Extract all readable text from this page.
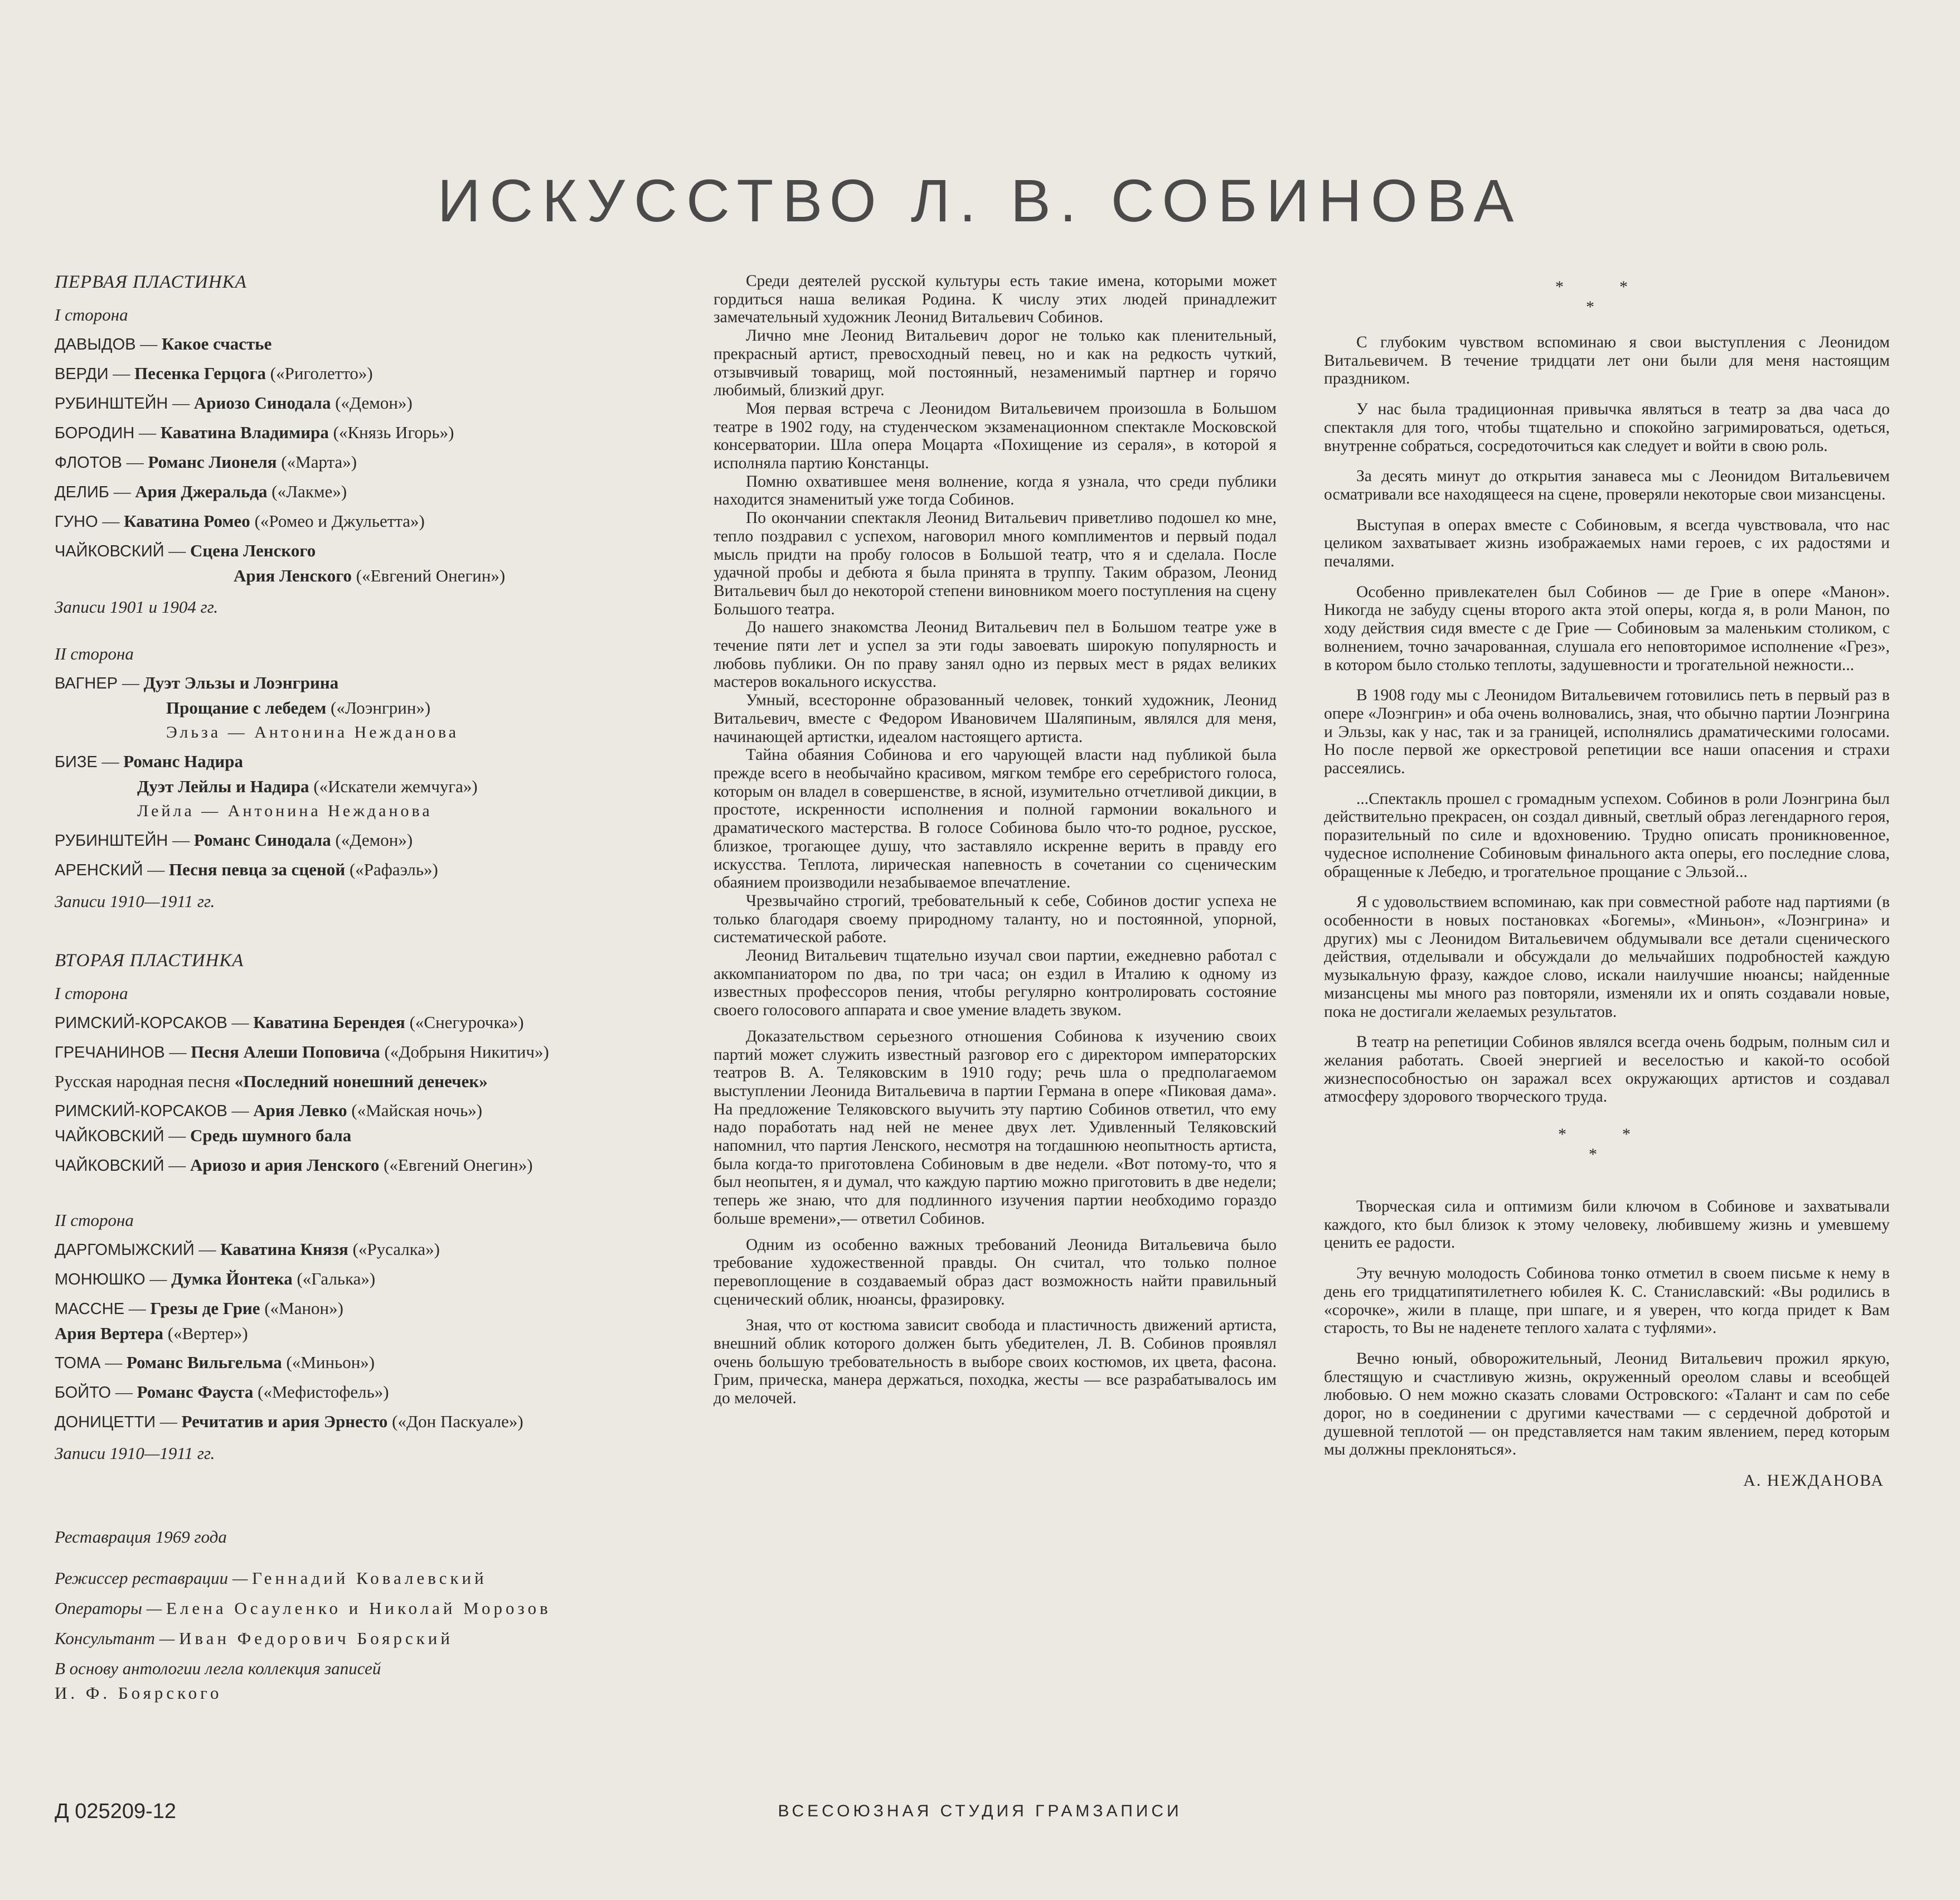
ИСКУССТВО Л. В. СОБИНОВА
ПЕРВАЯ ПЛАСТИНКА
I сторона
ДАВЫДОВ — Какое счастье
ВЕРДИ — Песенка Герцога («Риголетто»)
РУБИНШТЕЙН — Ариозо Синодала («Демон»)
БОРОДИН — Каватина Владимира («Князь Игорь»)
ФЛОТОВ — Романс Лионеля («Марта»)
ДЕЛИБ — Ария Джеральда («Лакме»)
ГУНО — Каватина Ромео («Ромео и Джульетта»)
ЧАЙКОВСКИЙ — Сцена Ленского
Ария Ленского («Евгений Онегин»)
Записи 1901 и 1904 гг.
II сторона
ВАГНЕР — Дуэт Эльзы и Лоэнгрина
Прощание с лебедем («Лоэнгрин»)
Эльза — Антонина Нежданова
БИЗЕ — Романс Надира
Дуэт Лейлы и Надира («Искатели жемчуга»)
Лейла — Антонина Нежданова
РУБИНШТЕЙН — Романс Синодала («Демон»)
АРЕНСКИЙ — Песня певца за сценой («Рафаэль»)
Записи 1910—1911 гг.
ВТОРАЯ ПЛАСТИНКА
I сторона
РИМСКИЙ-КОРСАКОВ — Каватина Берендея («Снегурочка»)
ГРЕЧАНИНОВ — Песня Алеши Поповича («Добрыня Никитич»)
Русская народная песня «Последний нонешний денечек»
РИМСКИЙ-КОРСАКОВ — Ария Левко («Майская ночь»)
ЧАЙКОВСКИЙ — Средь шумного бала
ЧАЙКОВСКИЙ — Ариозо и ария Ленского («Евгений Онегин»)
II сторона
ДАРГОМЫЖСКИЙ — Каватина Князя («Русалка»)
МОНЮШКО — Думка Йонтека («Галька»)
МАССНЕ — Грезы де Грие («Манон»)
Ария Вертера («Вертер»)
ТОМА — Романс Вильгельма («Миньон»)
БОЙТО — Романс Фауста («Мефистофель»)
ДОНИЦЕТТИ — Речитатив и ария Эрнесто («Дон Паскуале»)
Записи 1910—1911 гг.
Реставрация 1969 года
Режиссер реставрации — Геннадий Ковалевский
Операторы — Елена Осауленко и Николай Морозов
Консультант — Иван Федорович Боярский
В основу антологии легла коллекция записей
И. Ф. Боярского

Среди деятелей русской культуры есть такие имена, которыми может гордиться наша великая Родина. К числу этих людей принадлежит замечательный художник Леонид Витальевич Собинов.

Лично мне Леонид Витальевич дорог не только как пленительный, прекрасный артист, превосходный певец, но и как на редкость чуткий, отзывчивый товарищ, мой постоянный, незаменимый партнер и горячо любимый, близкий друг.

Моя первая встреча с Леонидом Витальевичем произошла в Большом театре в 1902 году, на студенческом экзаменационном спектакле Московской консерватории. Шла опера Моцарта «Похищение из сераля», в которой я исполняла партию Констанцы.

Помню охватившее меня волнение, когда я узнала, что среди публики находится знаменитый уже тогда Собинов.

По окончании спектакля Леонид Витальевич приветливо подошел ко мне, тепло поздравил с успехом, наговорил много комплиментов и первый подал мысль придти на пробу голосов в Большой театр, что я и сделала. После удачной пробы и дебюта я была принята в труппу. Таким образом, Леонид Витальевич был до некоторой степени виновником моего поступления на сцену Большого театра.

До нашего знакомства Леонид Витальевич пел в Большом театре уже в течение пяти лет и успел за эти годы завоевать широкую популярность и любовь публики. Он по праву занял одно из первых мест в рядах великих мастеров вокального искусства.

Умный, всесторонне образованный человек, тонкий художник, Леонид Витальевич, вместе с Федором Ивановичем Шаляпиным, являлся для меня, начинающей артистки, идеалом настоящего артиста.

Тайна обаяния Собинова и его чарующей власти над публикой была прежде всего в необычайно красивом, мягком тембре его серебристого голоса, которым он владел в совершенстве, в ясной, изумительно отчетливой дикции, в простоте, искренности исполнения и полной гармонии вокального и драматического мастерства. В голосе Собинова было что-то родное, русское, близкое, трогающее душу, что заставляло искренне верить в правду его искусства. Теплота, лирическая напевность в сочетании со сценическим обаянием производили незабываемое впечатление.

Чрезвычайно строгий, требовательный к себе, Собинов достиг успеха не только благодаря своему природному таланту, но и постоянной, упорной, систематической работе.

Леонид Витальевич тщательно изучал свои партии, ежедневно работал с аккомпаниатором по два, по три часа; он ездил в Италию к одному из известных профессоров пения, чтобы регулярно контролировать состояние своего голосового аппарата и свое умение владеть звуком.

Доказательством серьезного отношения Собинова к изучению своих партий может служить известный разговор его с директором императорских театров В. А. Теляковским в 1910 году; речь шла о предполагаемом выступлении Леонида Витальевича в партии Германа в опере «Пиковая дама». На предложение Теляковского выучить эту партию Собинов ответил, что ему надо поработать над ней не менее двух лет. Удивленный Теляковский напомнил, что партия Ленского, несмотря на тогдашнюю неопытность артиста, была когда-то приготовлена Собиновым в две недели. «Вот потому-то, что я был неопытен, я и думал, что каждую партию можно приготовить в две недели; теперь же знаю, что для подлинного изучения партии необходимо гораздо больше времени»,— ответил Собинов.

Одним из особенно важных требований Леонида Витальевича было требование художественной правды. Он считал, что только полное перевоплощение в создаваемый образ даст возможность найти правильный сценический облик, нюансы, фразировку.

Зная, что от костюма зависит свобода и пластичность движений артиста, внешний облик которого должен быть убедителен, Л. В. Собинов проявлял очень большую требовательность в выборе своих костюмов, их цвета, фасона. Грим, прическа, манера держаться, походка, жесты — все разрабатывалось им до мелочей.

*	*
*

С глубоким чувством вспоминаю я свои выступления с Леонидом Витальевичем. В течение тридцати лет они были для меня настоящим праздником.

У нас была традиционная привычка являться в театр за два часа до спектакля для того, чтобы тщательно и спокойно загримироваться, одеться, внутренне собраться, сосредоточиться как следует и войти в свою роль.

За десять минут до открытия занавеса мы с Леонидом Витальевичем осматривали все находящееся на сцене, проверяли некоторые свои мизансцены.

Выступая в операх вместе с Собиновым, я всегда чувствовала, что нас целиком захватывает жизнь изображаемых нами героев, с их радостями и печалями.

Особенно привлекателен был Собинов — де Грие в опере «Манон». Никогда не забуду сцены второго акта этой оперы, когда я, в роли Манон, по ходу действия сидя вместе с де Грие — Собиновым за маленьким столиком, с волнением, точно зачарованная, слушала его неповторимое исполнение «Грез», в котором было столько теплоты, задушевности и трогательной нежности...

В 1908 году мы с Леонидом Витальевичем готовились петь в первый раз в опере «Лоэнгрин» и оба очень волновались, зная, что обычно партии Лоэнгрина и Эльзы, как у нас, так и за границей, исполнялись драматическими голосами. Но после первой же оркестровой репетиции все наши опасения и страхи рассеялись.

...Спектакль прошел с громадным успехом. Собинов в роли Лоэнгрина был действительно прекрасен, он создал дивный, светлый образ легендарного героя, поразительный по силе и вдохновению. Трудно описать проникновенное, чудесное исполнение Собиновым финального акта оперы, его последние слова, обращенные к Лебедю, и трогательное прощание с Эльзой...

Я с удовольствием вспоминаю, как при совместной работе над партиями (в особенности в новых постановках «Богемы», «Миньон», «Лоэнгрина» и других) мы с Леонидом Витальевичем обдумывали все детали сценического действия, отделывали и обсуждали до мельчайших подробностей каждую музыкальную фразу, каждое слово, искали наилучшие нюансы; найденные мизансцены мы много раз повторяли, изменяли их и опять создавали новые, пока не достигали желаемых результатов.

В театр на репетиции Собинов являлся всегда очень бодрым, полным сил и желания работать. Своей энергией и веселостью и какой-то особой жизнеспособностью он заражал всех окружающих артистов и создавал атмосферу здорового творческого труда.

*	*
*

Творческая сила и оптимизм били ключом в Собинове и захватывали каждого, кто был близок к этому человеку, любившему жизнь и умевшему ценить ее радости.

Эту вечную молодость Собинова тонко отметил в своем письме к нему в день его тридцатипятилетнего юбилея К. С. Станиславский: «Вы родились в «сорочке», жили в плаще, при шпаге, и я уверен, что когда придет к Вам старость, то Вы не наденете теплого халата с туфлями».

Вечно юный, обворожительный, Леонид Витальевич прожил яркую, блестящую и счастливую жизнь, окруженный ореолом славы и всеобщей любовью. О нем можно сказать словами Островского: «Талант и сам по себе дорог, но в соединении с другими качествами — с сердечной добротой и душевной теплотой — он представляется нам таким явлением, перед которым мы должны преклоняться».

А. НЕЖДАНОВА
Д 025209-12	ВСЕСОЮЗНАЯ СТУДИЯ ГРАМЗАПИСИ
